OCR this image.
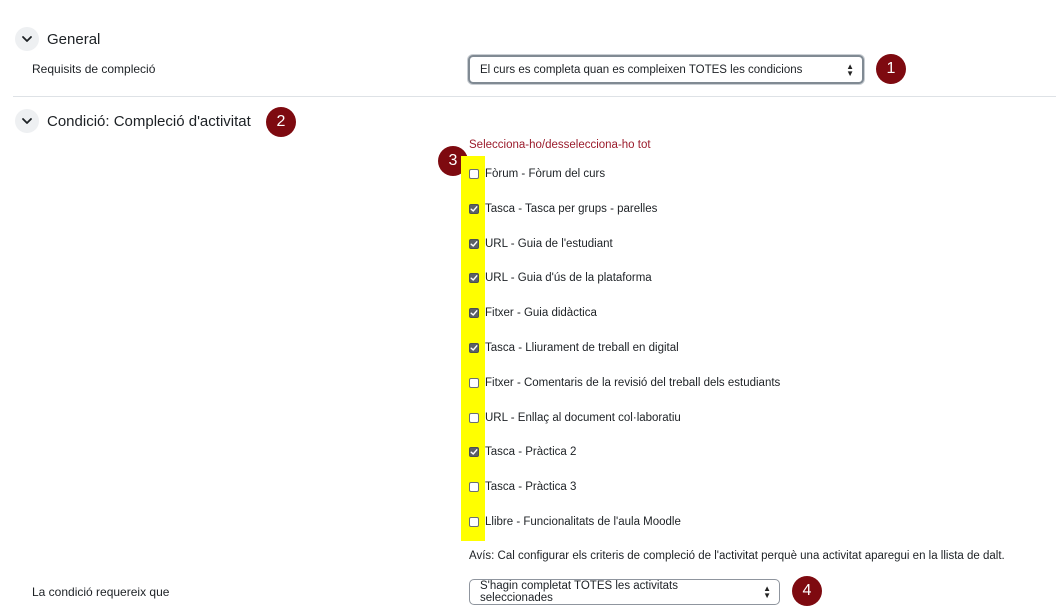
General
Requisits de compleció	El curs es completa quan es compleixen TOTES les condicions	▲
▼	1
Condició: Compleció d'activitat	2
Selecciona-ho/desselecciona-ho tot
3
Fòrum - Fòrum del curs
Tasca - Tasca per grups - parelles
URL - Guia de l'estudiant
URL - Guia d'ús de la plataforma
Fitxer - Guia didàctica
Tasca - Lliurament de treball en digital
Fitxer - Comentaris de la revisió del treball dels estudiants
URL - Enllaç al document col·laboratiu
Tasca - Pràctica 2
Tasca - Pràctica 3
Llibre - Funcionalitats de l'aula Moodle
Avís: Cal configurar els criteris de compleció de l'activitat perquè una activitat aparegui en la llista de dalt.
La condició requereix que	S'hagin completat TOTES les activitats seleccionades
▲
▼	4
